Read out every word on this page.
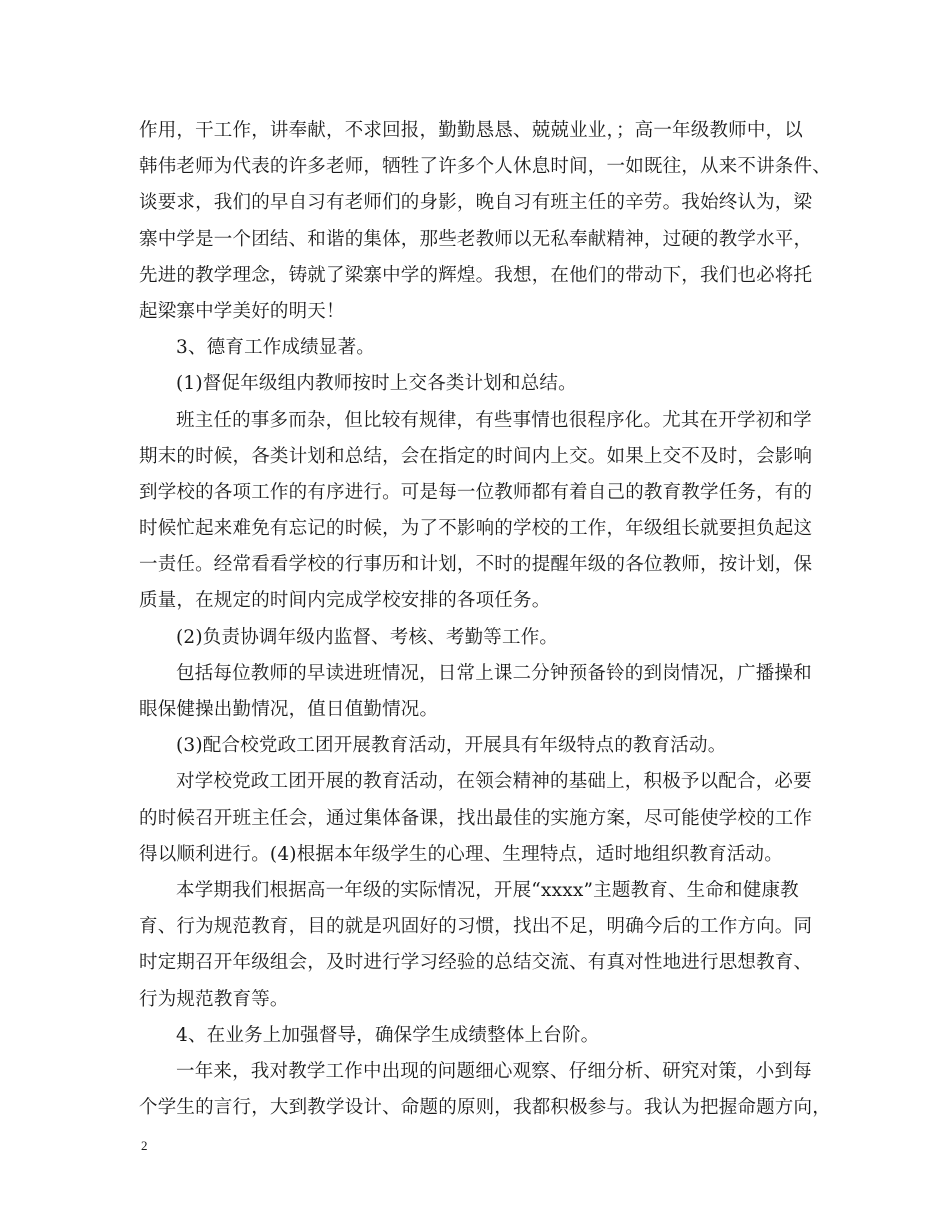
作用，干工作，讲奉献，不求回报，勤勤恳恳、兢兢业业，；高一年级教师中，以
韩伟老师为代表的许多老师，牺牲了许多个人休息时间，一如既往，从来不讲条件、
谈要求，我们的早自习有老师们的身影，晚自习有班主任的辛劳。我始终认为，梁
寨中学是一个团结、和谐的集体，那些老教师以无私奉献精神，过硬的教学水平，
先进的教学理念，铸就了梁寨中学的辉煌。我想，在他们的带动下，我们也必将托
起梁寨中学美好的明天！
3、德育工作成绩显著。
(1)督促年级组内教师按时上交各类计划和总结。
班主任的事多而杂，但比较有规律，有些事情也很程序化。尤其在开学初和学
期末的时候，各类计划和总结，会在指定的时间内上交。如果上交不及时，会影响
到学校的各项工作的有序进行。可是每一位教师都有着自己的教育教学任务，有的
时候忙起来难免有忘记的时候，为了不影响的学校的工作，年级组长就要担负起这
一责任。经常看看学校的行事历和计划，不时的提醒年级的各位教师，按计划，保
质量，在规定的时间内完成学校安排的各项任务。
(2)负责协调年级内监督、考核、考勤等工作。
包括每位教师的早读进班情况，日常上课二分钟预备铃的到岗情况，广播操和
眼保健操出勤情况，值日值勤情况。
(3)配合校党政工团开展教育活动，开展具有年级特点的教育活动。
对学校党政工团开展的教育活动，在领会精神的基础上，积极予以配合，必要
的时候召开班主任会，通过集体备课，找出最佳的实施方案，尽可能使学校的工作
得以顺利进行。(4)根据本年级学生的心理、生理特点，适时地组织教育活动。
本学期我们根据高一年级的实际情况，开展“xxxx”主题教育、生命和健康教
育、行为规范教育，目的就是巩固好的习惯，找出不足，明确今后的工作方向。同
时定期召开年级组会，及时进行学习经验的总结交流、有真对性地进行思想教育、
行为规范教育等。
4、在业务上加强督导，确保学生成绩整体上台阶。
一年来，我对教学工作中出现的问题细心观察、仔细分析、研究对策，小到每
个学生的言行，大到教学设计、命题的原则，我都积极参与。我认为把握命题方向，
2
